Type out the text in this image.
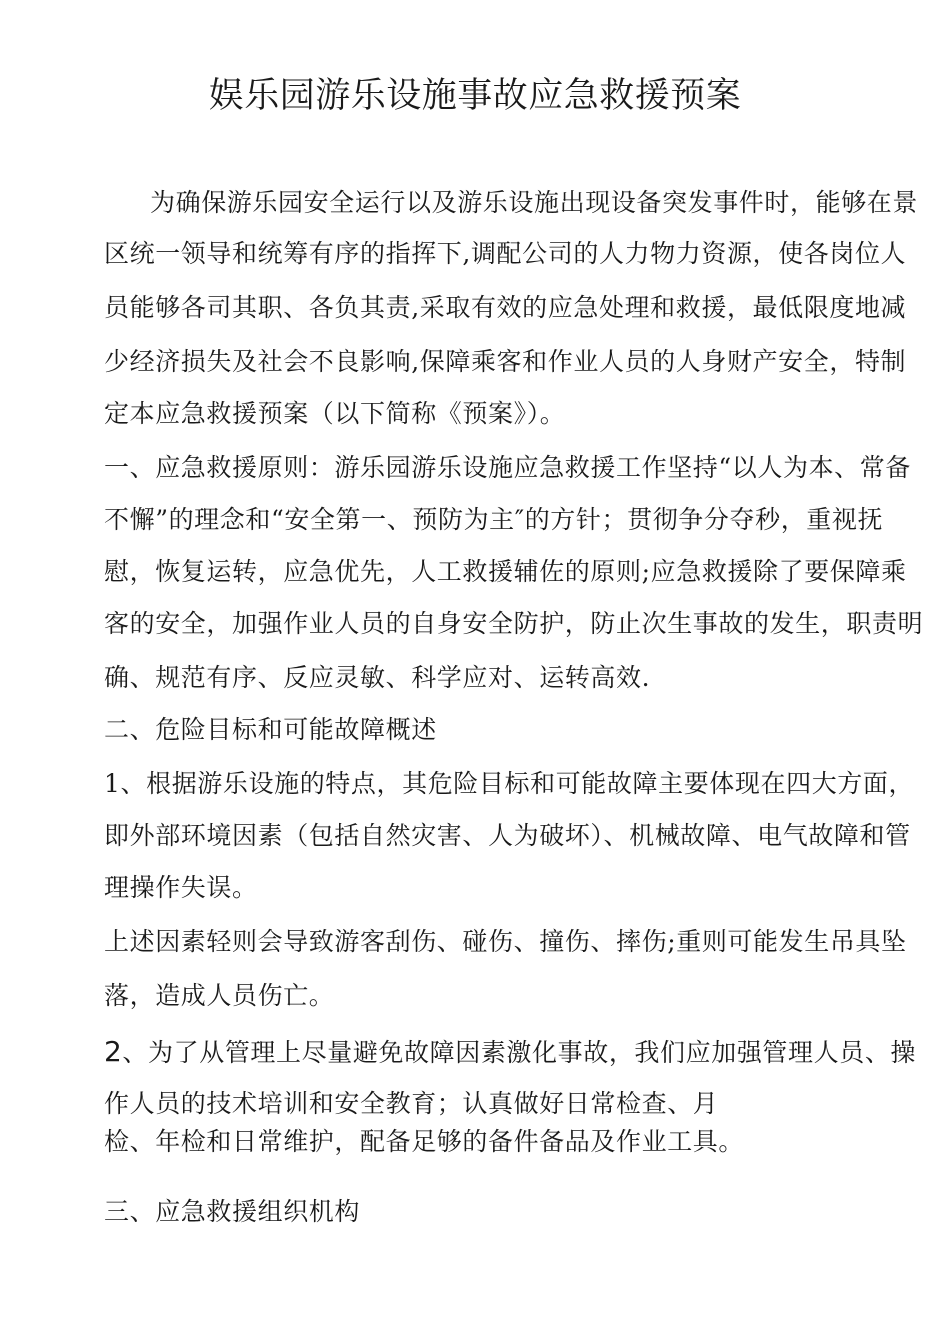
娱乐园游乐设施事故应急救援预案
为确保游乐园安全运行以及游乐设施出现设备突发事件时，能够在景
区统一领导和统筹有序的指挥下,调配公司的人力物力资源，使各岗位人
员能够各司其职、各负其责,采取有效的应急处理和救援，最低限度地减
少经济损失及社会不良影响,保障乘客和作业人员的人身财产安全，特制
定本应急救援预案（以下简称《预案》）。
一、应急救援原则：游乐园游乐设施应急救援工作坚持“以人为本、常备
不懈”的理念和“安全第一、预防为主″的方针；贯彻争分夺秒，重视抚
慰，恢复运转，应急优先，人工救援辅佐的原则;应急救援除了要保障乘
客的安全，加强作业人员的自身安全防护，防止次生事故的发生，职责明
确、规范有序、反应灵敏、科学应对、运转高效.
二、危险目标和可能故障概述
1、根据游乐设施的特点，其危险目标和可能故障主要体现在四大方面，
即外部环境因素（包括自然灾害、人为破坏）、机械故障、电气故障和管
理操作失误。
上述因素轻则会导致游客刮伤、碰伤、撞伤、摔伤;重则可能发生吊具坠
落，造成人员伤亡。
2、为了从管理上尽量避免故障因素激化事故，我们应加强管理人员、操
作人员的技术培训和安全教育；认真做好日常检查、月
检、年检和日常维护，配备足够的备件备品及作业工具。
三、应急救援组织机构
